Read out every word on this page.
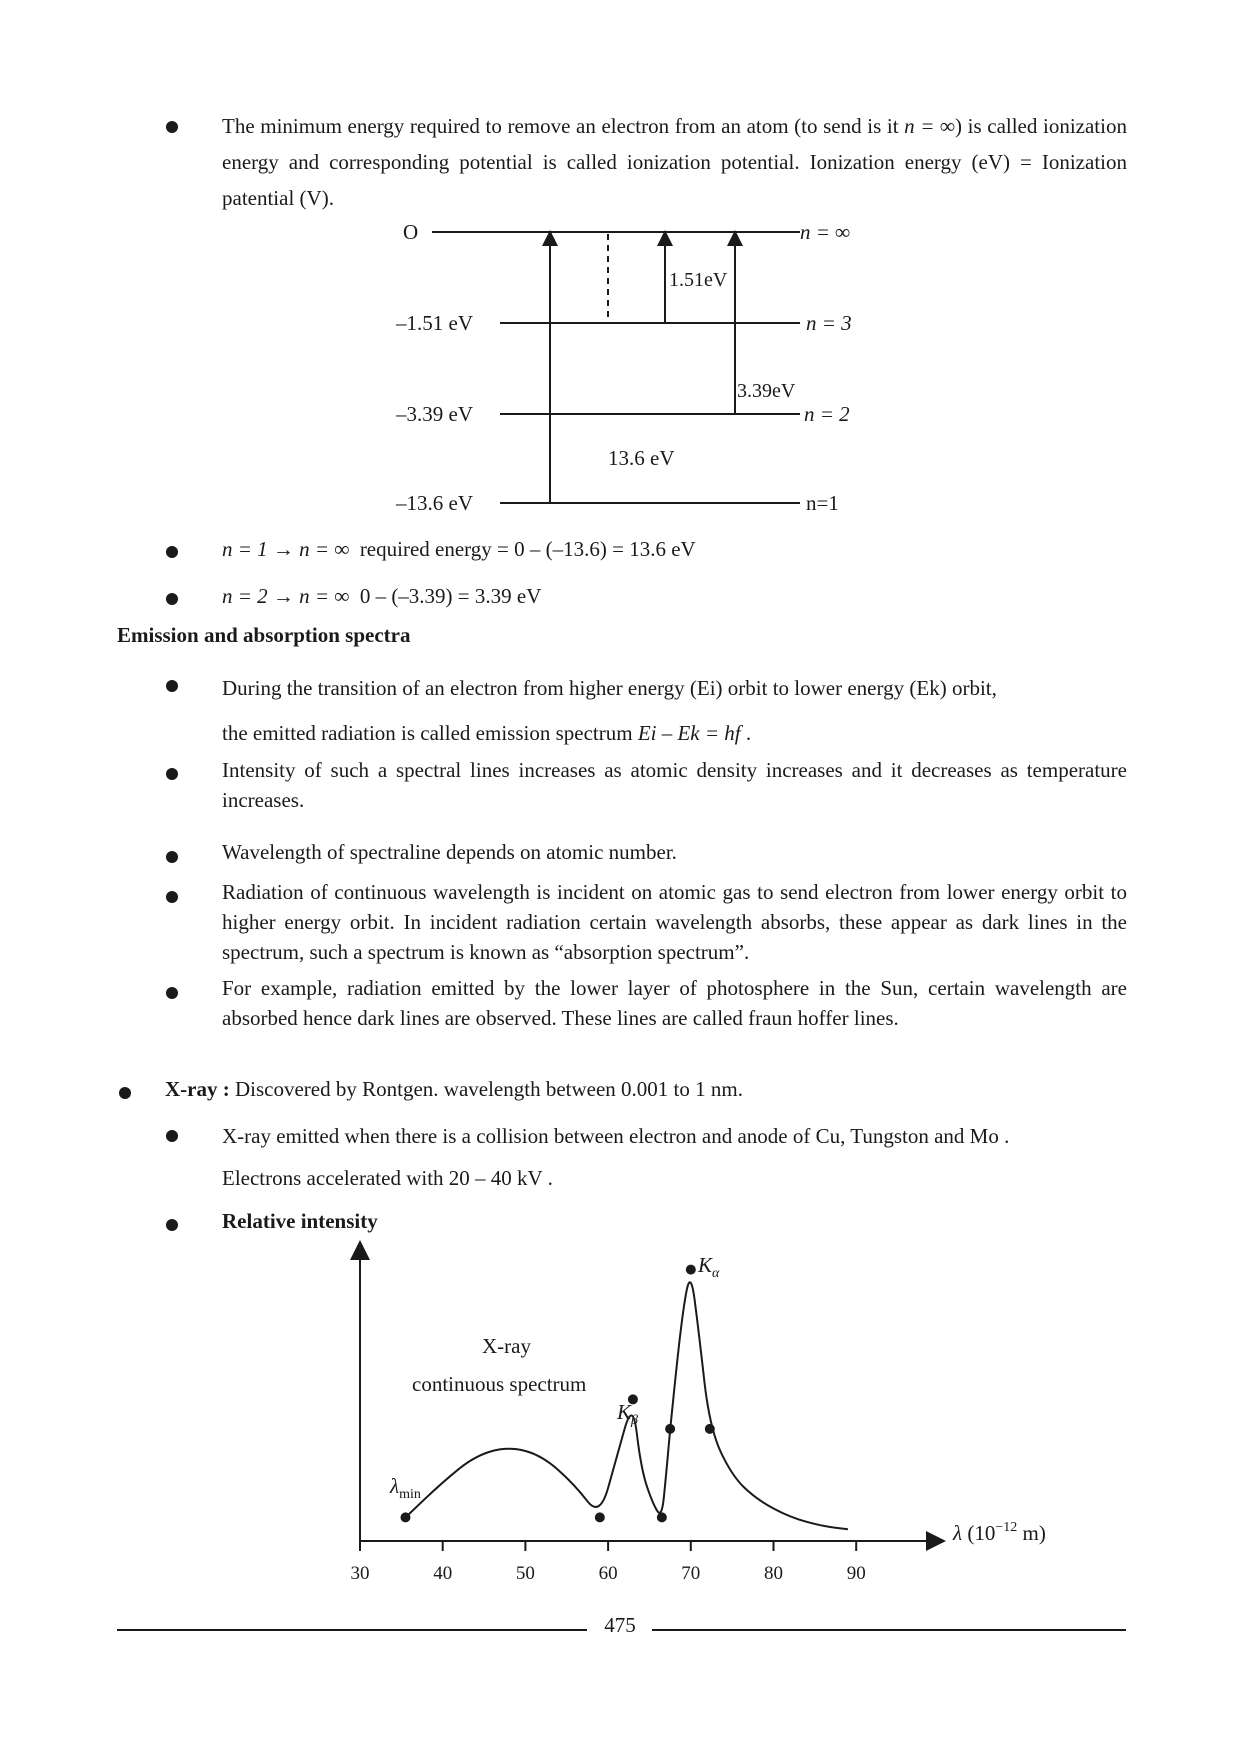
The minimum energy required to remove an electron from an atom (to send is it n = ∞) is called ionization energy and corresponding potential is called ionization potential. Ionization energy (eV) = Ionization patential (V).
O
–1.51 eV
–3.39 eV
–13.6 eV
n = ∞
n = 3
n = 2
n=1
1.51eV
3.39eV
13.6 eV
n = 1 → n = ∞ required energy = 0 – (–13.6) = 13.6 eV
n = 2 → n = ∞ 0 – (–3.39) = 3.39 eV
Emission and absorption spectra
During the transition of an electron from higher energy (Ei) orbit to lower energy (Ek) orbit,
the emitted radiation is called emission spectrum Ei – Ek = hf .
Intensity of such a spectral lines increases as atomic density increases and it decreases as temperature increases.
Wavelength of spectraline depends on atomic number.
Radiation of continuous wavelength is incident on atomic gas to send electron from lower energy orbit to higher energy orbit. In incident radiation certain wavelength absorbs, these appear as dark lines in the spectrum, such a spectrum is known as “absorption spectrum”.
For example, radiation emitted by the lower layer of photosphere in the Sun, certain wavelength are absorbed hence dark lines are observed. These lines are called fraun hoffer lines.
X-ray : Discovered by Rontgen. wavelength between 0.001 to 1 nm.
X-ray emitted when there is a collision between electron and anode of Cu, Tungston and Mo .
Electrons accelerated with 20 – 40 kV .
Relative intensity
30	40	50	60	70	80	90
X-ray
continuous spectrum
$\lambda_{min}$
$K_\beta$
$K_\alpha$
λ ($10^{-12}$ m)
475
